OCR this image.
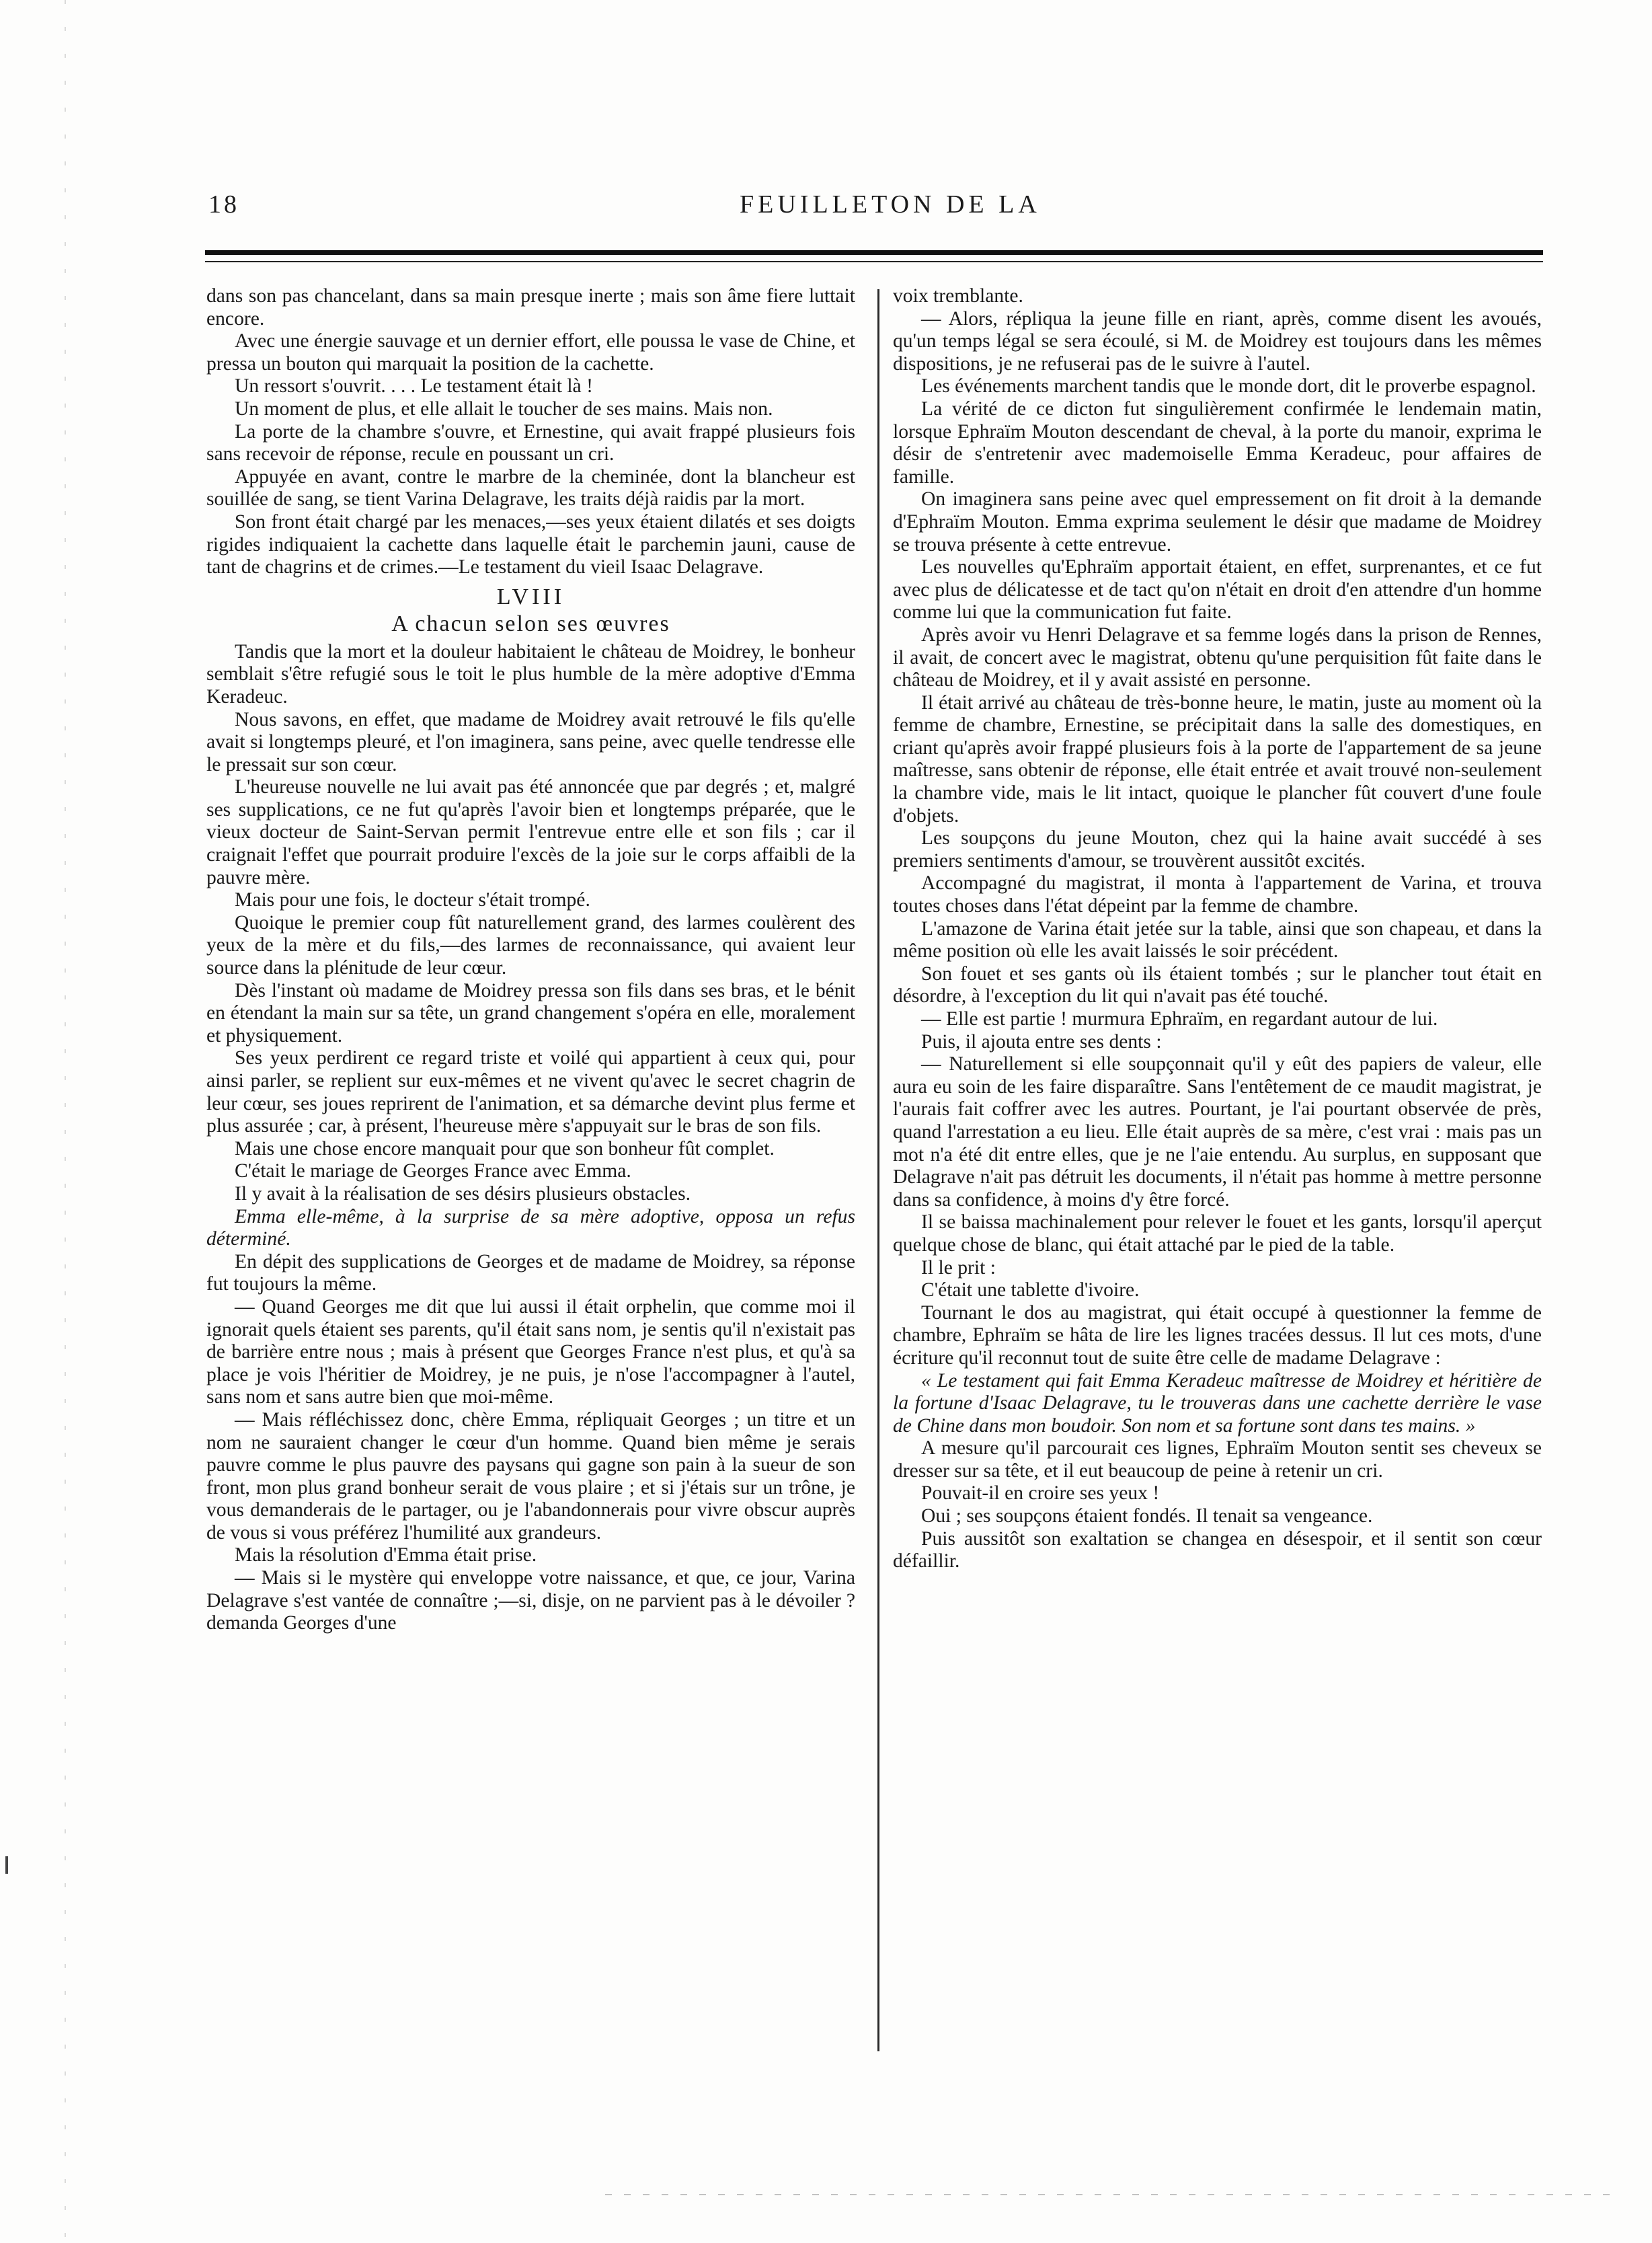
18	FEUILLETON DE LA

dans son pas chancelant, dans sa main presque inerte ; mais son âme fiere luttait encore.

Avec une énergie sauvage et un dernier effort, elle poussa le vase de Chine, et pressa un bouton qui marquait la position de la cachette.

Un ressort s'ouvrit. . . . Le testament était là !

Un moment de plus, et elle allait le toucher de ses mains. Mais non.

La porte de la chambre s'ouvre, et Ernestine, qui avait frappé plusieurs fois sans recevoir de réponse, recule en poussant un cri.

Appuyée en avant, contre le marbre de la cheminée, dont la blancheur est souillée de sang, se tient Varina Delagrave, les traits déjà raidis par la mort.

Son front était chargé par les menaces,—ses yeux étaient dilatés et ses doigts rigides indiquaient la cachette dans laquelle était le parchemin jauni, cause de tant de chagrins et de crimes.—Le testament du vieil Isaac Delagrave.

LVIII
A chacun selon ses œuvres

Tandis que la mort et la douleur habitaient le château de Moidrey, le bonheur semblait s'être refugié sous le toit le plus humble de la mère adoptive d'Emma Keradeuc.

Nous savons, en effet, que madame de Moidrey avait retrouvé le fils qu'elle avait si longtemps pleuré, et l'on imaginera, sans peine, avec quelle tendresse elle le pressait sur son cœur.

L'heureuse nouvelle ne lui avait pas été annoncée que par degrés ; et, malgré ses supplications, ce ne fut qu'après l'avoir bien et longtemps préparée, que le vieux docteur de Saint-Servan permit l'entrevue entre elle et son fils ; car il craignait l'effet que pourrait produire l'excès de la joie sur le corps affaibli de la pauvre mère.

Mais pour une fois, le docteur s'était trompé.

Quoique le premier coup fût naturellement grand, des larmes coulèrent des yeux de la mère et du fils,—des larmes de reconnaissance, qui avaient leur source dans la plénitude de leur cœur.

Dès l'instant où madame de Moidrey pressa son fils dans ses bras, et le bénit en étendant la main sur sa tête, un grand changement s'opéra en elle, moralement et physiquement.

Ses yeux perdirent ce regard triste et voilé qui appartient à ceux qui, pour ainsi parler, se replient sur eux-mêmes et ne vivent qu'avec le secret chagrin de leur cœur, ses joues reprirent de l'animation, et sa démarche devint plus ferme et plus assurée ; car, à présent, l'heureuse mère s'appuyait sur le bras de son fils.

Mais une chose encore manquait pour que son bonheur fût complet.

C'était le mariage de Georges France avec Emma.

Il y avait à la réalisation de ses désirs plusieurs obstacles.

Emma elle-même, à la surprise de sa mère adoptive, opposa un refus déterminé.

En dépit des supplications de Georges et de madame de Moidrey, sa réponse fut toujours la même.

— Quand Georges me dit que lui aussi il était orphelin, que comme moi il ignorait quels étaient ses parents, qu'il était sans nom, je sentis qu'il n'existait pas de barrière entre nous ; mais à présent que Georges France n'est plus, et qu'à sa place je vois l'héritier de Moidrey, je ne puis, je n'ose l'accompagner à l'autel, sans nom et sans autre bien que moi-même.

— Mais réfléchissez donc, chère Emma, répliquait Georges ; un titre et un nom ne sauraient changer le cœur d'un homme. Quand bien même je serais pauvre comme le plus pauvre des paysans qui gagne son pain à la sueur de son front, mon plus grand bonheur serait de vous plaire ; et si j'étais sur un trône, je vous demanderais de le partager, ou je l'abandonnerais pour vivre obscur auprès de vous si vous préférez l'humilité aux grandeurs.

Mais la résolution d'Emma était prise.

— Mais si le mystère qui enveloppe votre naissance, et que, ce jour, Varina Delagrave s'est vantée de connaître ;—si, disje, on ne parvient pas à le dévoiler ? demanda Georges d'une

voix tremblante.

— Alors, répliqua la jeune fille en riant, après, comme disent les avoués, qu'un temps légal se sera écoulé, si M. de Moidrey est toujours dans les mêmes dispositions, je ne refuserai pas de le suivre à l'autel.

Les événements marchent tandis que le monde dort, dit le proverbe espagnol.

La vérité de ce dicton fut singulièrement confirmée le lendemain matin, lorsque Ephraïm Mouton descendant de cheval, à la porte du manoir, exprima le désir de s'entretenir avec mademoiselle Emma Keradeuc, pour affaires de famille.

On imaginera sans peine avec quel empressement on fit droit à la demande d'Ephraïm Mouton. Emma exprima seulement le désir que madame de Moidrey se trouva présente à cette entrevue.

Les nouvelles qu'Ephraïm apportait étaient, en effet, surprenantes, et ce fut avec plus de délicatesse et de tact qu'on n'était en droit d'en attendre d'un homme comme lui que la communication fut faite.

Après avoir vu Henri Delagrave et sa femme logés dans la prison de Rennes, il avait, de concert avec le magistrat, obtenu qu'une perquisition fût faite dans le château de Moidrey, et il y avait assisté en personne.

Il était arrivé au château de très-bonne heure, le matin, juste au moment où la femme de chambre, Ernestine, se précipitait dans la salle des domestiques, en criant qu'après avoir frappé plusieurs fois à la porte de l'appartement de sa jeune maîtresse, sans obtenir de réponse, elle était entrée et avait trouvé non-seulement la chambre vide, mais le lit intact, quoique le plancher fût couvert d'une foule d'objets.

Les soupçons du jeune Mouton, chez qui la haine avait succédé à ses premiers sentiments d'amour, se trouvèrent aussitôt excités.

Accompagné du magistrat, il monta à l'appartement de Varina, et trouva toutes choses dans l'état dépeint par la femme de chambre.

L'amazone de Varina était jetée sur la table, ainsi que son chapeau, et dans la même position où elle les avait laissés le soir précédent.

Son fouet et ses gants où ils étaient tombés ; sur le plancher tout était en désordre, à l'exception du lit qui n'avait pas été touché.

— Elle est partie ! murmura Ephraïm, en regardant autour de lui.

Puis, il ajouta entre ses dents :

— Naturellement si elle soupçonnait qu'il y eût des papiers de valeur, elle aura eu soin de les faire disparaître. Sans l'entêtement de ce maudit magistrat, je l'aurais fait coffrer avec les autres. Pourtant, je l'ai pourtant observée de près, quand l'arrestation a eu lieu. Elle était auprès de sa mère, c'est vrai : mais pas un mot n'a été dit entre elles, que je ne l'aie entendu. Au surplus, en supposant que Delagrave n'ait pas détruit les documents, il n'était pas homme à mettre personne dans sa confidence, à moins d'y être forcé.

Il se baissa machinalement pour relever le fouet et les gants, lorsqu'il aperçut quelque chose de blanc, qui était attaché par le pied de la table.

Il le prit :

C'était une tablette d'ivoire.

Tournant le dos au magistrat, qui était occupé à questionner la femme de chambre, Ephraïm se hâta de lire les lignes tracées dessus. Il lut ces mots, d'une écriture qu'il reconnut tout de suite être celle de madame Delagrave :

« Le testament qui fait Emma Keradeuc maîtresse de Moidrey et héritière de la fortune d'Isaac Delagrave, tu le trouveras dans une cachette derrière le vase de Chine dans mon boudoir. Son nom et sa fortune sont dans tes mains. »

A mesure qu'il parcourait ces lignes, Ephraïm Mouton sentit ses cheveux se dresser sur sa tête, et il eut beaucoup de peine à retenir un cri.

Pouvait-il en croire ses yeux !

Oui ; ses soupçons étaient fondés. Il tenait sa vengeance.

Puis aussitôt son exaltation se changea en désespoir, et il sentit son cœur défaillir.
